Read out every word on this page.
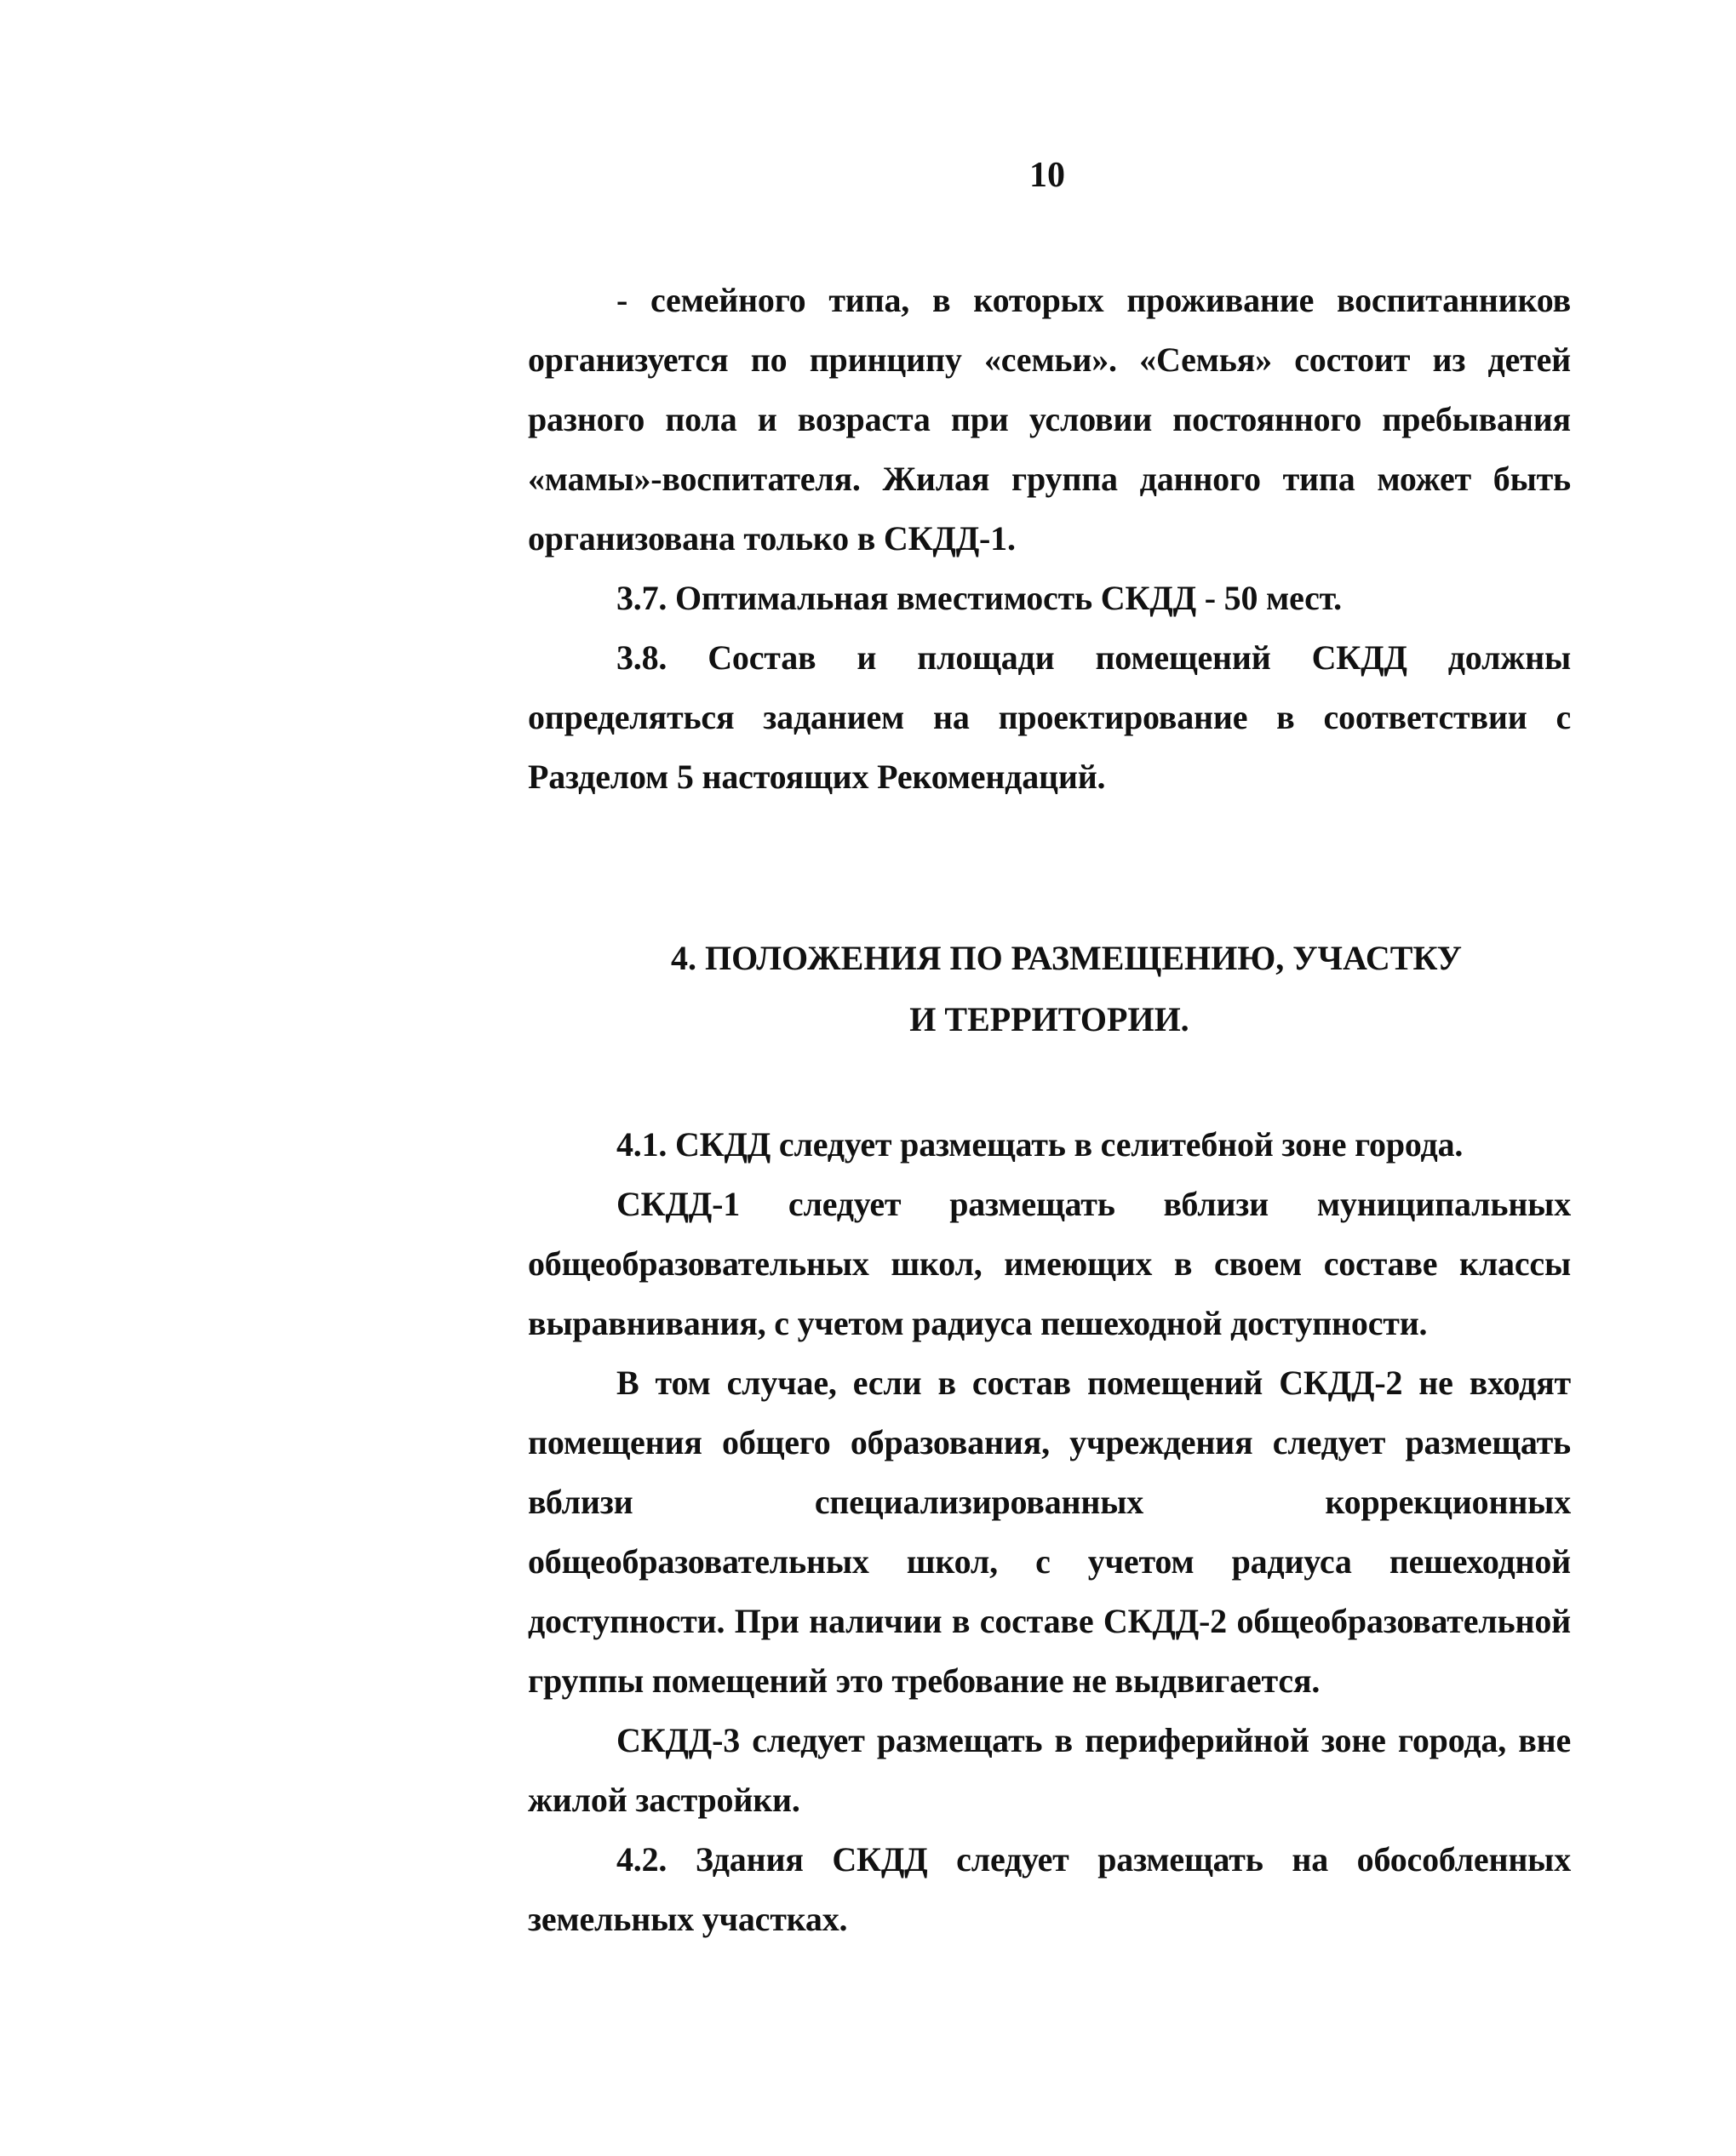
10

- семейного типа, в которых проживание воспитанников организуется по принципу «семьи». «Семья» состоит из детей разного пола и возраста при условии постоянного пребывания «мамы»-воспитателя. Жилая группа данного типа может быть организована только в СКДД-1.

3.7. Оптимальная вместимость СКДД - 50 мест.

3.8. Состав и площади помещений СКДД должны определяться заданием на проектирование в соответствии с Разделом 5 настоящих Рекомендаций.

4. ПОЛОЖЕНИЯ ПО РАЗМЕЩЕНИЮ, УЧАСТКУ
И ТЕРРИТОРИИ.

4.1. СКДД следует размещать в селитебной зоне города.

СКДД-1 следует размещать вблизи муниципальных общеобразовательных школ, имеющих в своем составе классы выравнивания, с учетом радиуса пешеходной доступности.

В том случае, если в состав помещений СКДД-2 не входят помещения общего образования, учреждения следует размещать вблизи специализированных коррекционных общеобразовательных школ, с учетом радиуса пешеходной доступности. При наличии в составе СКДД-2 общеобразовательной группы помещений это требование не выдвигается.

СКДД-3 следует размещать в периферийной зоне города, вне жилой застройки.

4.2. Здания СКДД следует размещать на обособленных земельных участках.
